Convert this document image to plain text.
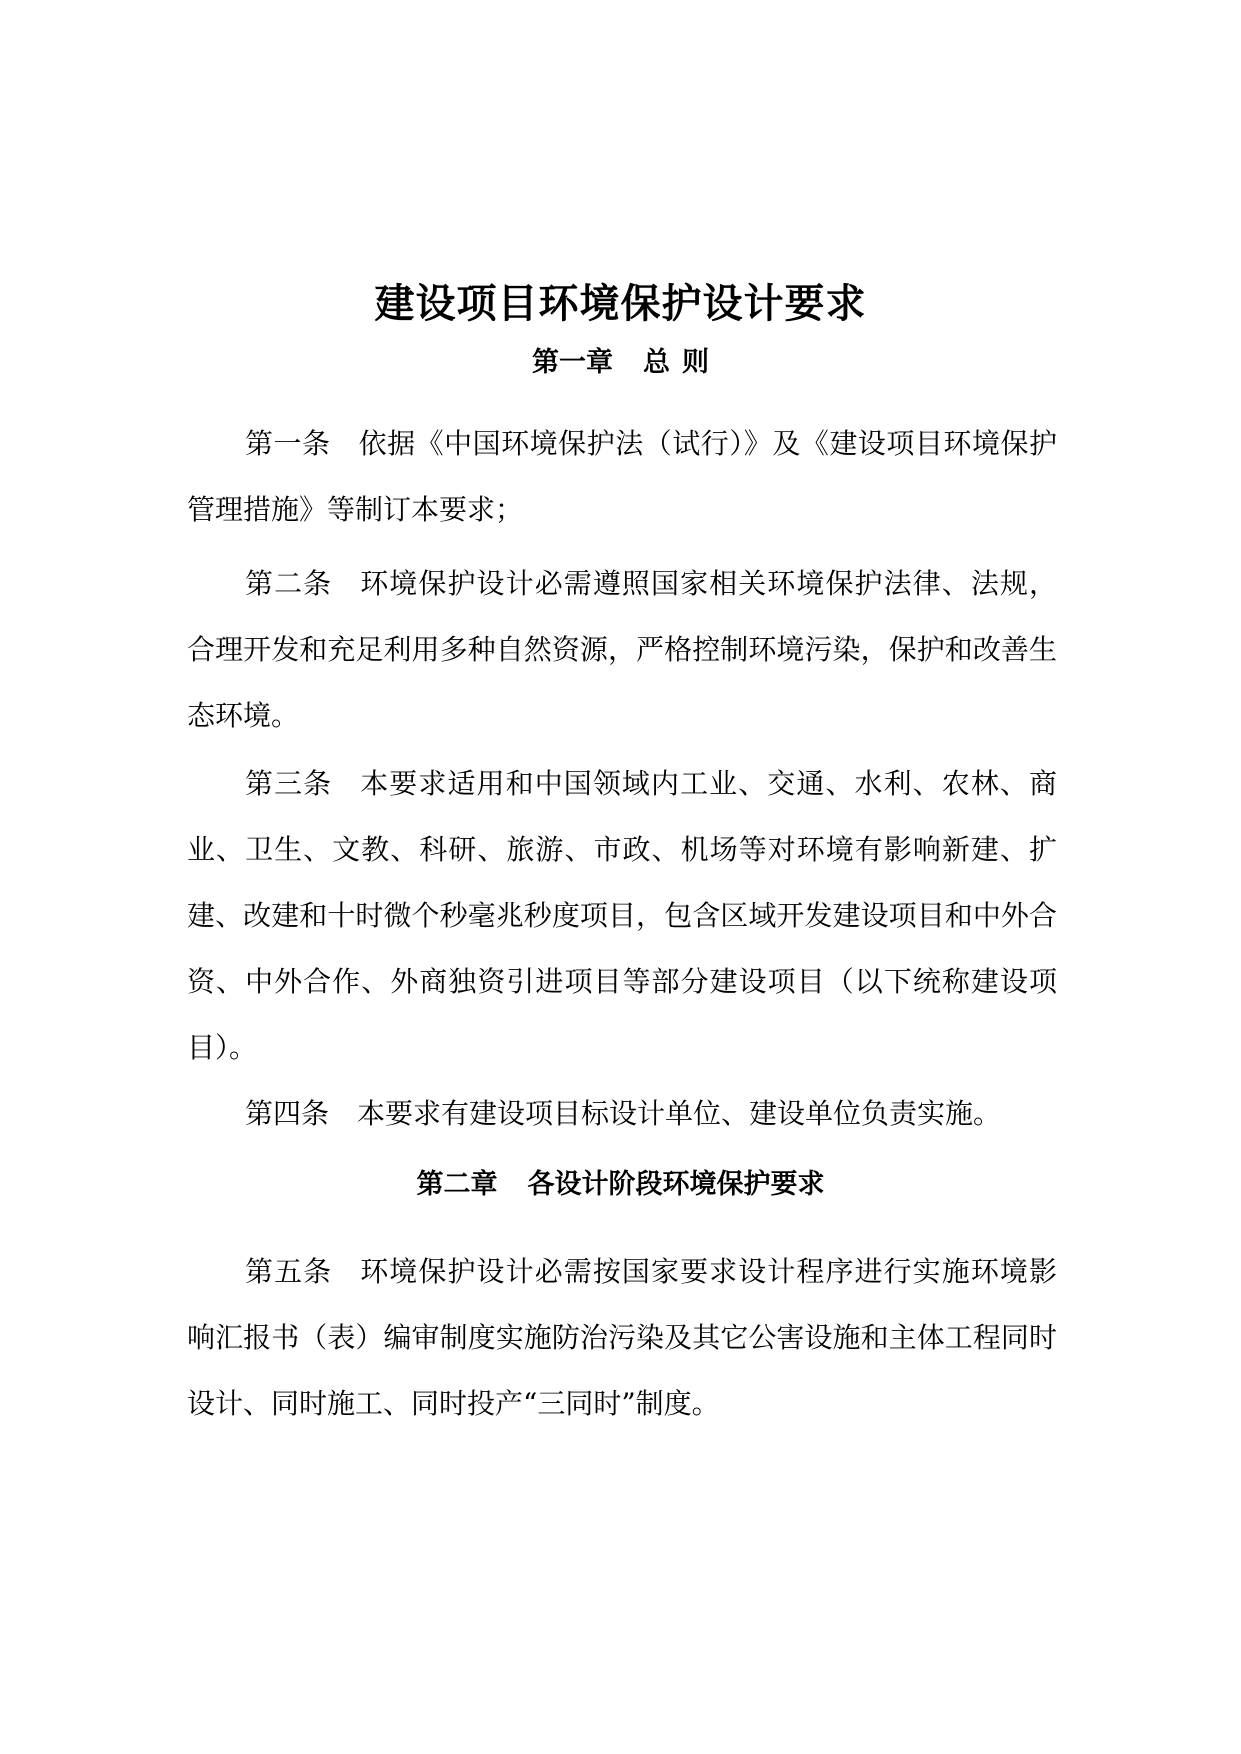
建设项目环境保护设计要求
第一章 总 则
第一条 依据《中国环境保护法（试行）》及《建设项目环境保护管理措施》等制订本要求；
第二条 环境保护设计必需遵照国家相关环境保护法律、法规，合理开发和充足利用多种自然资源，严格控制环境污染，保护和改善生态环境。
第三条 本要求适用和中国领域内工业、交通、水利、农林、商业、卫生、文教、科研、旅游、市政、机场等对环境有影响新建、扩建、改建和十时微个秒毫兆秒度项目，包含区域开发建设项目和中外合资、中外合作、外商独资引进项目等部分建设项目（以下统称建设项目）。
第四条 本要求有建设项目标设计单位、建设单位负责实施。
第二章 各设计阶段环境保护要求
第五条 环境保护设计必需按国家要求设计程序进行实施环境影响汇报书（表）编审制度实施防治污染及其它公害设施和主体工程同时设计、同时施工、同时投产“三同时”制度。
